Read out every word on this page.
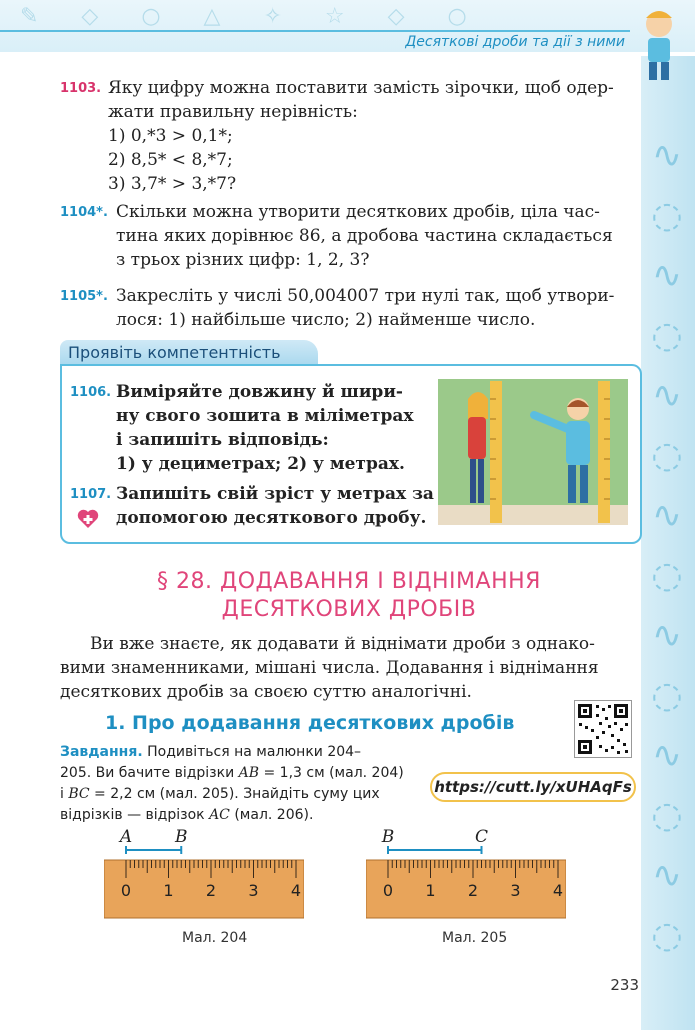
✎ ◇ ○ △ ✧ ☆ ◇ ○
Десяткові дроби та дії з ними
∿
◌
∿
◌
∿
◌
∿
◌
∿
◌
∿
◌
∿
◌
1103. Яку цифру можна поставити замість зірочки, щоб одер-
жати правильну нерівність:
1) 0,*3 > 0,1*;
2) 8,5* < 8,*7;
3) 3,7* > 3,*7?
1104*. Скільки можна утворити десяткових дробів, ціла час-
тина яких дорівнює 86, а дробова частина складається
з трьох різних цифр: 1, 2, 3?
1105*. Закресліть у числі 50,004007 три нулі так, щоб утвори-
лося: 1) найбільше число; 2) найменше число.
Проявіть компетентність
1106. Виміряйте довжину й шири-
ну свого зошита в міліметрах
і запишіть відповідь:
1) у дециметрах; 2) у метрах.
1107. Запишіть свій зріст у метрах за
допомогою десяткового дробу.
§ 28. ДОДАВАННЯ І ВІДНІМАННЯ
ДЕСЯТКОВИХ ДРОБІВ
Ви вже знаєте, як додавати й віднімати дроби з однако-
вими знаменниками, мішані числа. Додавання і віднімання
десяткових дробів за своєю суттю аналогічні.
1. Про додавання десяткових дробів
https://cutt.ly/xUHAqFs
Завдання. Подивіться на малюнки 204–
205. Ви бачите відрізки AB = 1,3 см (мал. 204)
і BC = 2,2 см (мал. 205). Знайдіть суму цих
відрізків — відрізок AC (мал. 206).
0 1 2 3 4
A	B
Мал. 204
0 1 2 3 4
B	C
Мал. 205
233
